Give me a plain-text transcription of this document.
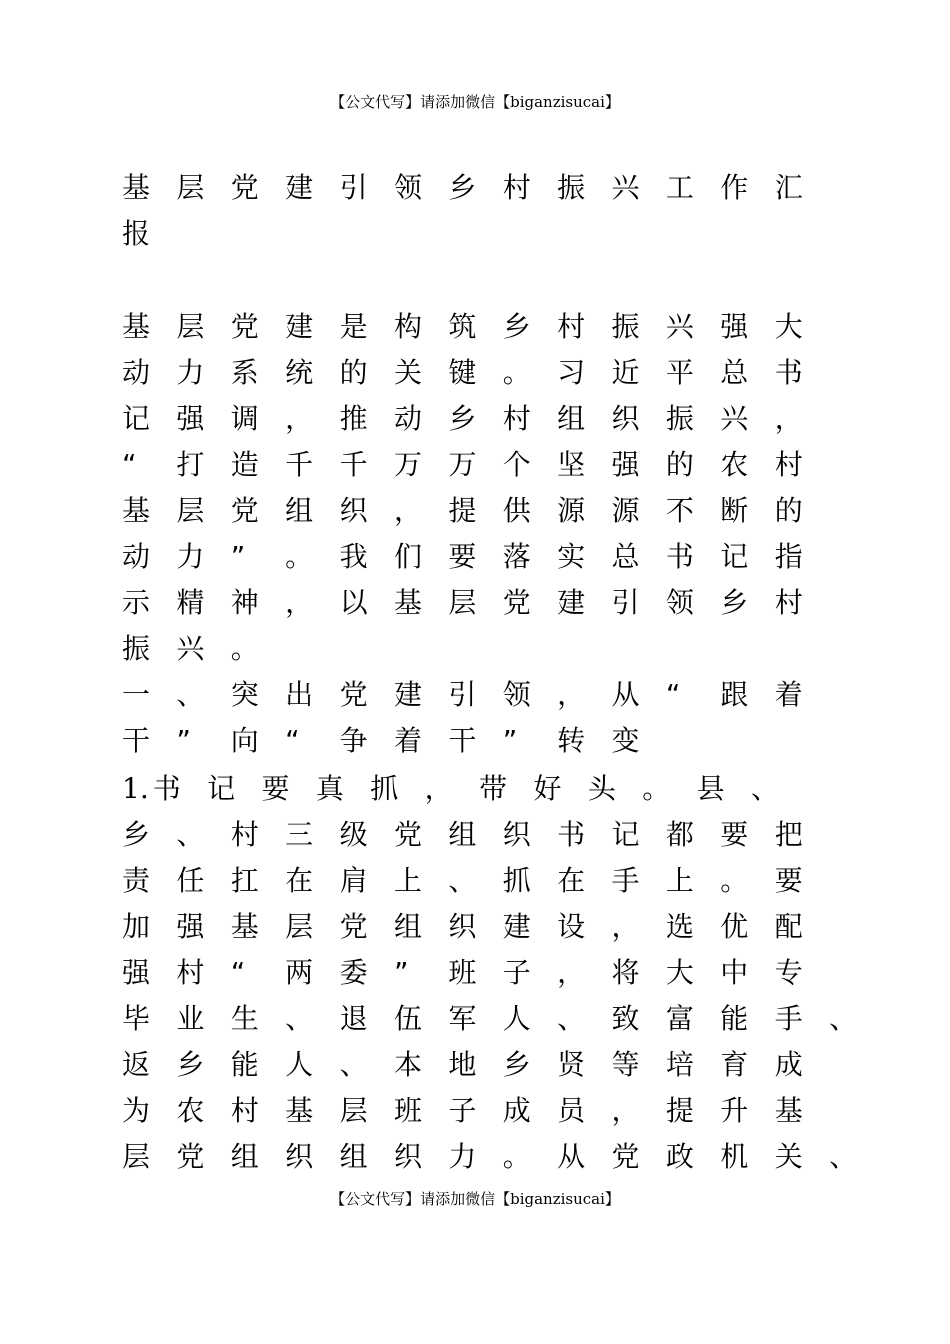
【公文代写】请添加微信【biganzisucai】
基 层 党 建 引 领 乡 村 振 兴 工 作 汇
报
基 层 党 建 是 构 筑 乡 村 振 兴 强 大
动 力 系 统 的 关 键 。 习 近 平 总 书
记 强 调 ， 推 动 乡 村 组 织 振 兴 ，
“	打 造 千 千 万 万 个 坚 强 的 农 村
基 层 党 组 织 ， 提 供 源 源 不 断 的
动 力 ”	。 我 们 要 落 实 总 书 记 指
示 精 神 ， 以 基 层 党 建 引 领 乡 村
振 兴 。
一 、 突 出 党 建 引 领 ， 从 “	跟 着
干 ”	向 “	争 着 干 ”	转 变
1. 书 记 要 真 抓 ， 带 好 头 。 县 、
乡 、 村 三 级 党 组 织 书 记 都 要 把
责 任 扛 在 肩 上 、 抓 在 手 上 。 要
加 强 基 层 党 组 织 建 设 ， 选 优 配
强 村 “	两 委 ”	班 子 ， 将 大 中 专
毕 业 生 、 退 伍 军 人 、 致 富 能 手 、
返 乡 能 人 、 本 地 乡 贤 等 培 育 成
为 农 村 基 层 班 子 成 员 ， 提 升 基
层 党 组 织 组 织 力 。 从 党 政 机 关 、
【公文代写】请添加微信【biganzisucai】
